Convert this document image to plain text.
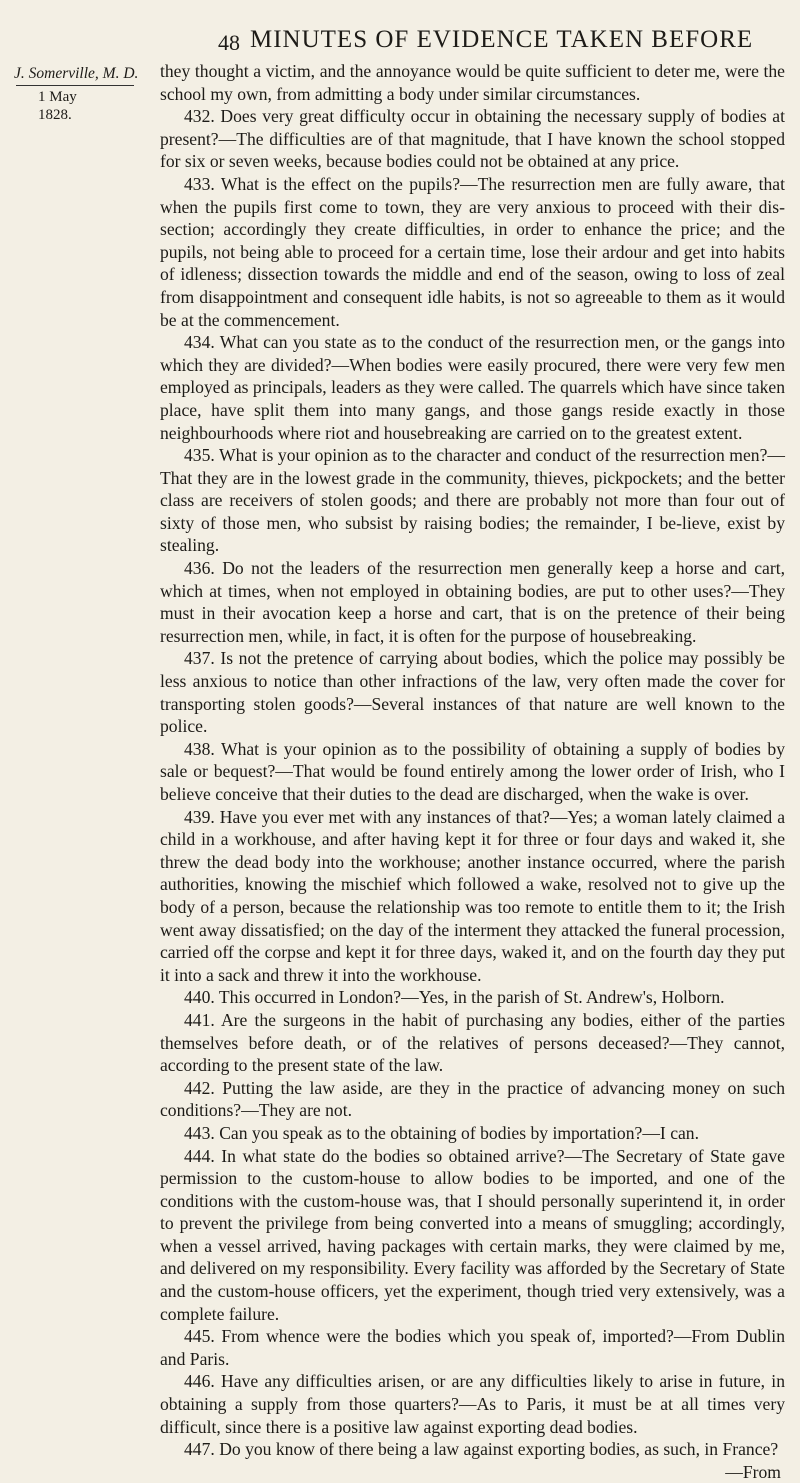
48 MINUTES OF EVIDENCE TAKEN BEFORE
J. Somerville, M. D.
1 May
1828.

they thought a victim, and the annoyance would be quite sufficient to deter me, were the school my own, from admitting a body under similar circumstances.

432. Does very great difficulty occur in obtaining the necessary supply of bodies at present?—The difficulties are of that magnitude, that I have known the school stopped for six or seven weeks, because bodies could not be obtained at any price.

433. What is the effect on the pupils?—The resurrection men are fully aware, that when the pupils first come to town, they are very anxious to proceed with their dis-section; accordingly they create difficulties, in order to enhance the price; and the pupils, not being able to proceed for a certain time, lose their ardour and get into habits of idleness; dissection towards the middle and end of the season, owing to loss of zeal from disappointment and consequent idle habits, is not so agreeable to them as it would be at the commencement.

434. What can you state as to the conduct of the resurrection men, or the gangs into which they are divided?—When bodies were easily procured, there were very few men employed as principals, leaders as they were called. The quarrels which have since taken place, have split them into many gangs, and those gangs reside exactly in those neighbourhoods where riot and housebreaking are carried on to the greatest extent.

435. What is your opinion as to the character and conduct of the resurrection men?—That they are in the lowest grade in the community, thieves, pickpockets; and the better class are receivers of stolen goods; and there are probably not more than four out of sixty of those men, who subsist by raising bodies; the remainder, I be-lieve, exist by stealing.

436. Do not the leaders of the resurrection men generally keep a horse and cart, which at times, when not employed in obtaining bodies, are put to other uses?—They must in their avocation keep a horse and cart, that is on the pretence of their being resurrection men, while, in fact, it is often for the purpose of housebreaking.

437. Is not the pretence of carrying about bodies, which the police may possibly be less anxious to notice than other infractions of the law, very often made the cover for transporting stolen goods?—Several instances of that nature are well known to the police.

438. What is your opinion as to the possibility of obtaining a supply of bodies by sale or bequest?—That would be found entirely among the lower order of Irish, who I believe conceive that their duties to the dead are discharged, when the wake is over.

439. Have you ever met with any instances of that?—Yes; a woman lately claimed a child in a workhouse, and after having kept it for three or four days and waked it, she threw the dead body into the workhouse; another instance occurred, where the parish authorities, knowing the mischief which followed a wake, resolved not to give up the body of a person, because the relationship was too remote to entitle them to it; the Irish went away dissatisfied; on the day of the interment they attacked the funeral procession, carried off the corpse and kept it for three days, waked it, and on the fourth day they put it into a sack and threw it into the workhouse.

440. This occurred in London?—Yes, in the parish of St. Andrew's, Holborn.

441. Are the surgeons in the habit of purchasing any bodies, either of the parties themselves before death, or of the relatives of persons deceased?—They cannot, according to the present state of the law.

442. Putting the law aside, are they in the practice of advancing money on such conditions?—They are not.

443. Can you speak as to the obtaining of bodies by importation?—I can.

444. In what state do the bodies so obtained arrive?—The Secretary of State gave permission to the custom-house to allow bodies to be imported, and one of the conditions with the custom-house was, that I should personally superintend it, in order to prevent the privilege from being converted into a means of smuggling; accordingly, when a vessel arrived, having packages with certain marks, they were claimed by me, and delivered on my responsibility. Every facility was afforded by the Secretary of State and the custom-house officers, yet the experiment, though tried very extensively, was a complete failure.

445. From whence were the bodies which you speak of, imported?—From Dublin and Paris.

446. Have any difficulties arisen, or are any difficulties likely to arise in future, in obtaining a supply from those quarters?—As to Paris, it must be at all times very difficult, since there is a positive law against exporting dead bodies.

447. Do you know of there being a law against exporting bodies, as such, in France?

—From
